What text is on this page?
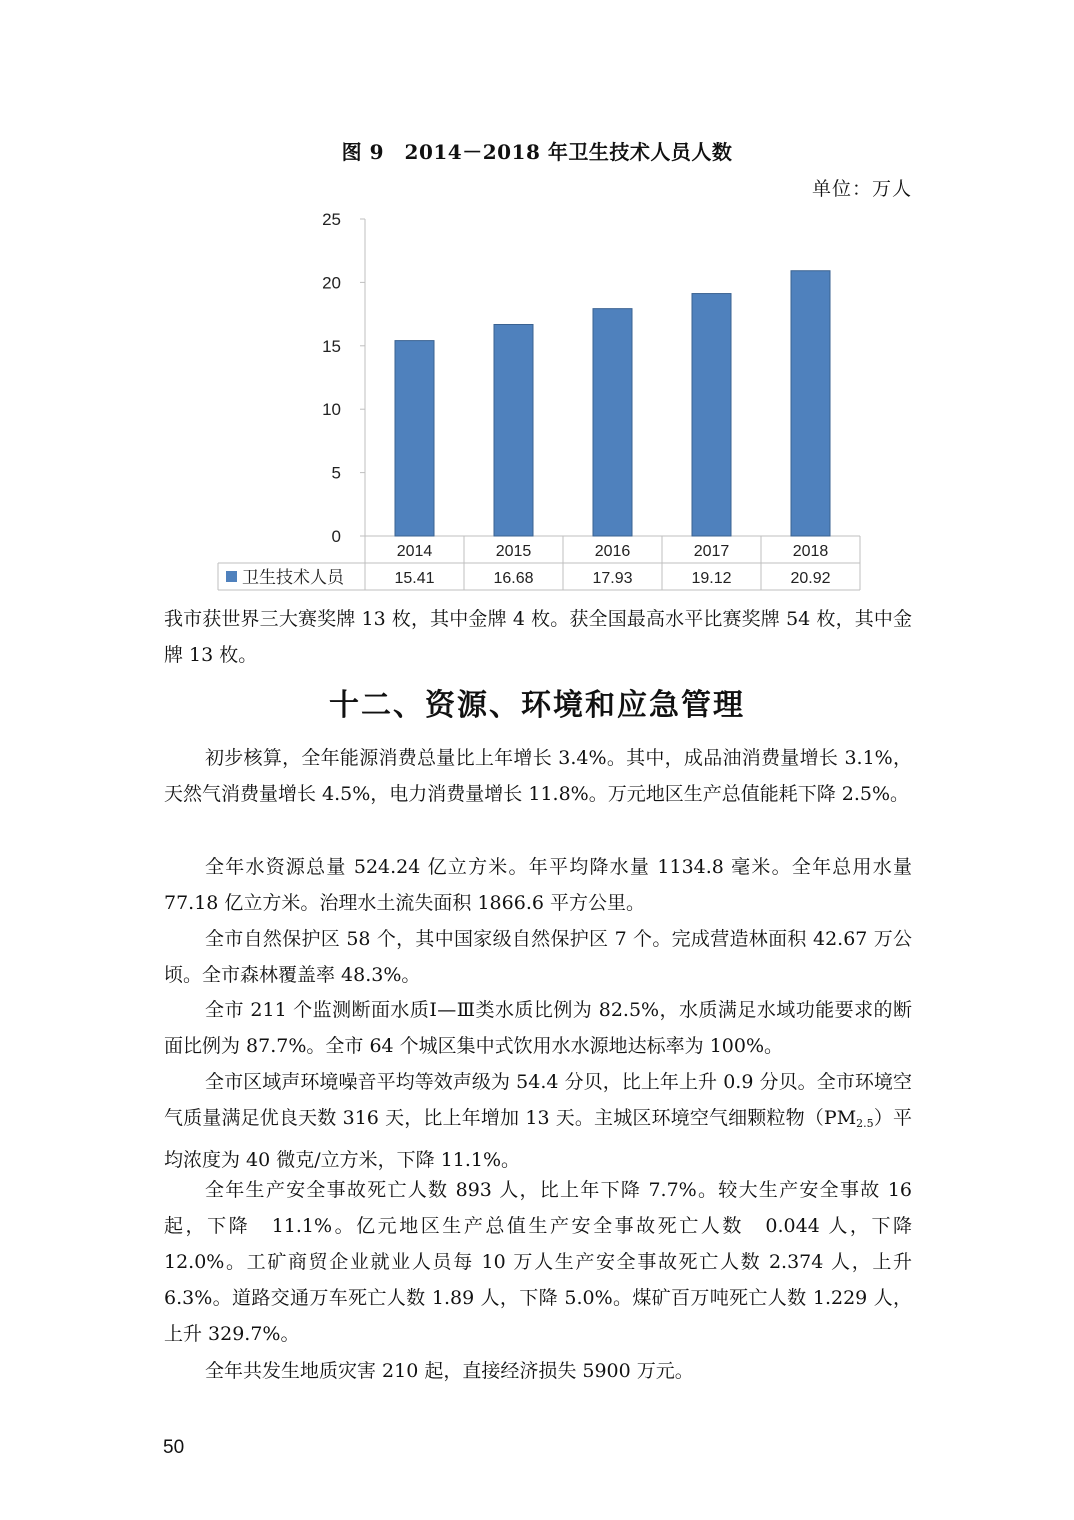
图 9　2014－2018 年卫生技术人员人数
单位：万人
0
5
10
15
20
25
2014
15.41
2015
16.68
2016
17.93
2017
19.12
2018
20.92
卫生技术人员

我市获世界三大赛奖牌 13 枚，其中金牌 4 枚。获全国最高水平比赛奖牌 54 枚，其中金牌 13 枚。

十二、资源、环境和应急管理

初步核算，全年能源消费总量比上年增长 3.4%。其中，成品油消费量增长 3.1%，天然气消费量增长 4.5%，电力消费量增长 11.8%。万元地区生产总值能耗下降 2.5%。

全年水资源总量 524.24 亿立方米。年平均降水量 1134.8 毫米。全年总用水量 77.18 亿立方米。治理水土流失面积 1866.6 平方公里。

全市自然保护区 58 个，其中国家级自然保护区 7 个。完成营造林面积 42.67 万公顷。全市森林覆盖率 48.3%。

全市 211 个监测断面水质Ⅰ—Ⅲ类水质比例为 82.5%，水质满足水域功能要求的断面比例为 87.7%。全市 64 个城区集中式饮用水水源地达标率为 100%。

全市区域声环境噪音平均等效声级为 54.4 分贝，比上年上升 0.9 分贝。全市环境空气质量满足优良天数 316 天，比上年增加 13 天。主城区环境空气细颗粒物$(PM_{2.5})$平均浓度为 40 微克/立方米，下降 11.1%。

全年生产安全事故死亡人数 893 人，比上年下降 7.7%。较大生产安全事故 16 起，下降　11.1%。亿元地区生产总值生产安全事故死亡人数　0.044 人，下降 12.0%。工矿商贸企业就业人员每 10 万人生产安全事故死亡人数 2.374 人，上升 6.3%。道路交通万车死亡人数 1.89 人，下降 5.0%。煤矿百万吨死亡人数 1.229 人，上升 329.7%。

全年共发生地质灾害 210 起，直接经济损失 5900 万元。

50
